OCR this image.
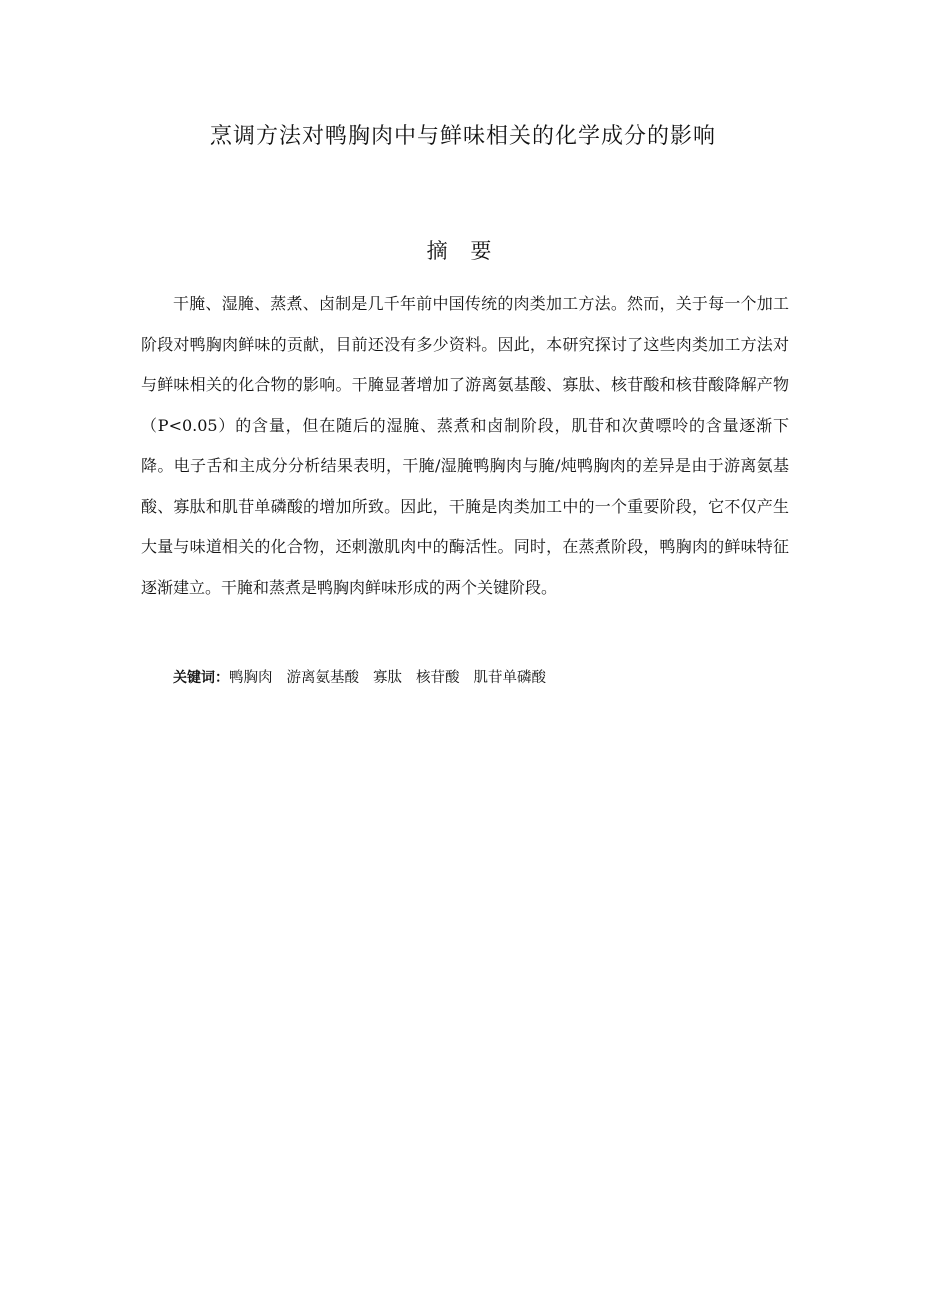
烹调方法对鸭胸肉中与鲜味相关的化学成分的影响
摘 要
干腌、湿腌、蒸煮、卤制是几千年前中国传统的肉类加工方法。然而，关于每一个加工阶段对鸭胸肉鲜味的贡献，目前还没有多少资料。因此，本研究探讨了这些肉类加工方法对与鲜味相关的化合物的影响。干腌显著增加了游离氨基酸、寡肽、核苷酸和核苷酸降解产物（P<0.05）的含量，但在随后的湿腌、蒸煮和卤制阶段，肌苷和次黄嘌呤的含量逐渐下降。电子舌和主成分分析结果表明，干腌/湿腌鸭胸肉与腌/炖鸭胸肉的差异是由于游离氨基酸、寡肽和肌苷单磷酸的增加所致。因此，干腌是肉类加工中的一个重要阶段，它不仅产生大量与味道相关的化合物，还刺激肌肉中的酶活性。同时，在蒸煮阶段，鸭胸肉的鲜味特征逐渐建立。干腌和蒸煮是鸭胸肉鲜味形成的两个关键阶段。
关键词：鸭胸肉 游离氨基酸 寡肽 核苷酸 肌苷单磷酸
